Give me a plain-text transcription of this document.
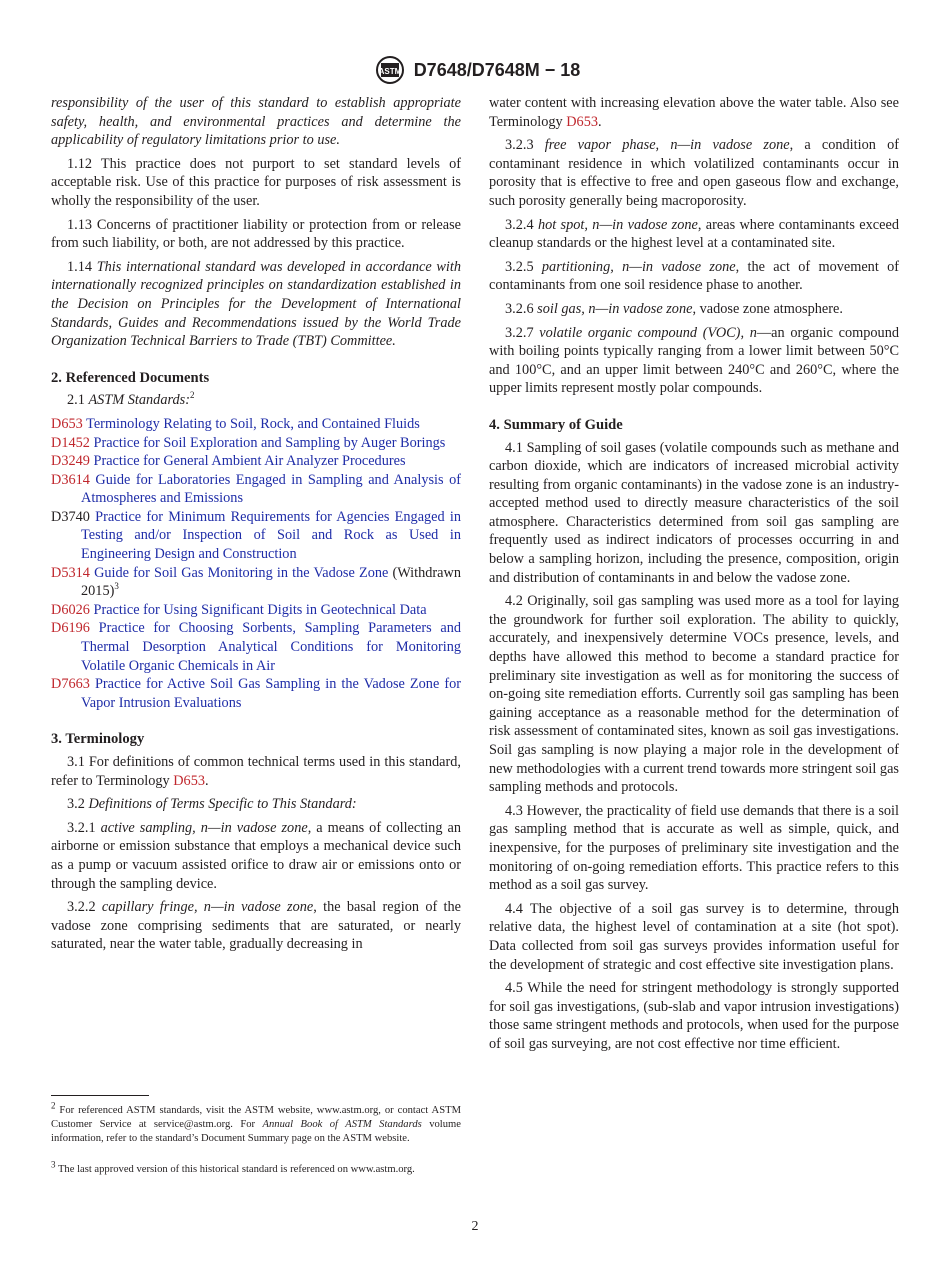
ASTM D7648/D7648M − 18

responsibility of the user of this standard to establish appropriate safety, health, and environmental practices and determine the applicability of regulatory limitations prior to use.

1.12 This practice does not purport to set standard levels of acceptable risk. Use of this practice for purposes of risk assessment is wholly the responsibility of the user.

1.13 Concerns of practitioner liability or protection from or release from such liability, or both, are not addressed by this practice.

1.14 This international standard was developed in accordance with internationally recognized principles on standardization established in the Decision on Principles for the Development of International Standards, Guides and Recommendations issued by the World Trade Organization Technical Barriers to Trade (TBT) Committee.

2. Referenced Documents

2.1 ASTM Standards:$^2$

D653 Terminology Relating to Soil, Rock, and Contained Fluids

D1452 Practice for Soil Exploration and Sampling by Auger Borings

D3249 Practice for General Ambient Air Analyzer Procedures

D3614 Guide for Laboratories Engaged in Sampling and Analysis of Atmospheres and Emissions

D3740 Practice for Minimum Requirements for Agencies Engaged in Testing and/or Inspection of Soil and Rock as Used in Engineering Design and Construction

D5314 Guide for Soil Gas Monitoring in the Vadose Zone (Withdrawn 2015)$^3$

D6026 Practice for Using Significant Digits in Geotechnical Data

D6196 Practice for Choosing Sorbents, Sampling Parameters and Thermal Desorption Analytical Conditions for Monitoring Volatile Organic Chemicals in Air

D7663 Practice for Active Soil Gas Sampling in the Vadose Zone for Vapor Intrusion Evaluations

3. Terminology

3.1 For definitions of common technical terms used in this standard, refer to Terminology D653.

3.2 Definitions of Terms Specific to This Standard:

3.2.1 active sampling, n—in vadose zone, a means of collecting an airborne or emission substance that employs a mechanical device such as a pump or vacuum assisted orifice to draw air or emissions onto or through the sampling device.

3.2.2 capillary fringe, n—in vadose zone, the basal region of the vadose zone comprising sediments that are saturated, or nearly saturated, near the water table, gradually decreasing in

$^2$ For referenced ASTM standards, visit the ASTM website, www.astm.org, or contact ASTM Customer Service at service@astm.org. For Annual Book of ASTM Standards volume information, refer to the standard’s Document Summary page on the ASTM website.
$^3$ The last approved version of this historical standard is referenced on www.astm.org.

water content with increasing elevation above the water table. Also see Terminology D653.

3.2.3 free vapor phase, n—in vadose zone, a condition of contaminant residence in which volatilized contaminants occur in porosity that is effective to free and open gaseous flow and exchange, such porosity generally being macroporosity.

3.2.4 hot spot, n—in vadose zone, areas where contaminants exceed cleanup standards or the highest level at a contaminated site.

3.2.5 partitioning, n—in vadose zone, the act of movement of contaminants from one soil residence phase to another.

3.2.6 soil gas, n—in vadose zone, vadose zone atmosphere.

3.2.7 volatile organic compound (VOC), n—an organic compound with boiling points typically ranging from a lower limit between 50°C and 100°C, and an upper limit between 240°C and 260°C, where the upper limits represent mostly polar compounds.

4. Summary of Guide

4.1 Sampling of soil gases (volatile compounds such as methane and carbon dioxide, which are indicators of increased microbial activity resulting from organic contaminants) in the vadose zone is an industry-accepted method used to directly measure characteristics of the soil atmosphere. Characteristics determined from soil gas sampling are frequently used as indirect indicators of processes occurring in and below a sampling horizon, including the presence, composition, origin and distribution of contaminants in and below the vadose zone.

4.2 Originally, soil gas sampling was used more as a tool for laying the groundwork for further soil exploration. The ability to quickly, accurately, and inexpensively determine VOCs presence, levels, and depths have allowed this method to become a standard practice for preliminary site investigation as well as for monitoring the success of on-going site remediation efforts. Currently soil gas sampling has been gaining acceptance as a reasonable method for the determination of risk assessment of contaminated sites, known as soil gas investigations. Soil gas sampling is now playing a major role in the development of new methodologies with a current trend towards more stringent soil gas sampling methods and protocols.

4.3 However, the practicality of field use demands that there is a soil gas sampling method that is accurate as well as simple, quick, and inexpensive, for the purposes of preliminary site investigation and the monitoring of on-going remediation efforts. This practice refers to this method as a soil gas survey.

4.4 The objective of a soil gas survey is to determine, through relative data, the highest level of contamination at a site (hot spot). Data collected from soil gas surveys provides information useful for the development of strategic and cost effective site investigation plans.

4.5 While the need for stringent methodology is strongly supported for soil gas investigations, (sub-slab and vapor intrusion investigations) those same stringent methods and protocols, when used for the purpose of soil gas surveying, are not cost effective nor time efficient.

2
